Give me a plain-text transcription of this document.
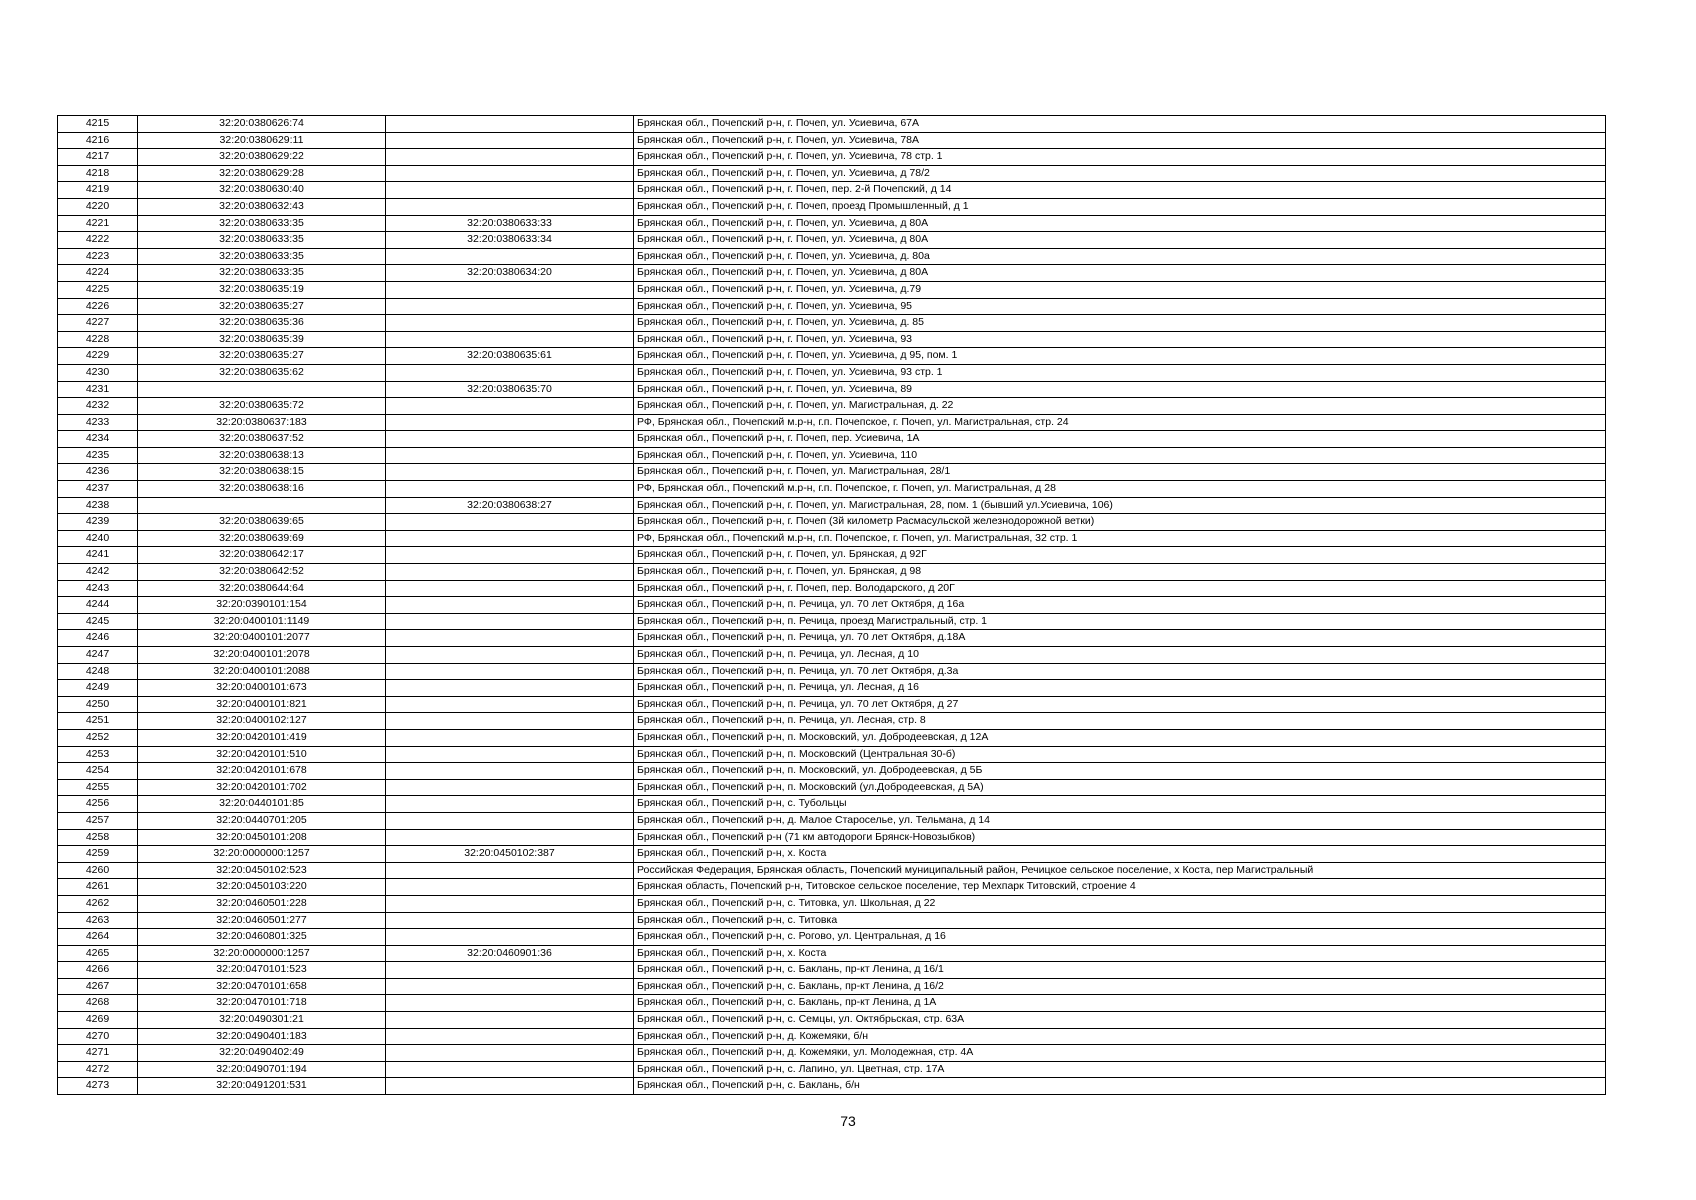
4215	32:20:0380626:74		Брянская обл., Почепский р-н, г. Почеп, ул. Усиевича, 67А
4216	32:20:0380629:11		Брянская обл., Почепский р-н, г. Почеп, ул. Усиевича, 78А
4217	32:20:0380629:22		Брянская обл., Почепский р-н, г. Почеп, ул. Усиевича, 78 стр. 1
4218	32:20:0380629:28		Брянская обл., Почепский р-н, г. Почеп, ул. Усиевича, д 78/2
4219	32:20:0380630:40		Брянская обл., Почепский р-н, г. Почеп, пер. 2-й Почепский, д 14
4220	32:20:0380632:43		Брянская обл., Почепский р-н, г. Почеп, проезд Промышленный, д 1
4221	32:20:0380633:35	32:20:0380633:33	Брянская обл., Почепский р-н, г. Почеп, ул. Усиевича, д 80А
4222	32:20:0380633:35	32:20:0380633:34	Брянская обл., Почепский р-н, г. Почеп, ул. Усиевича, д 80А
4223	32:20:0380633:35		Брянская обл., Почепский р-н, г. Почеп, ул. Усиевича, д. 80а
4224	32:20:0380633:35	32:20:0380634:20	Брянская обл., Почепский р-н, г. Почеп, ул. Усиевича, д 80А
4225	32:20:0380635:19		Брянская обл., Почепский р-н, г. Почеп, ул. Усиевича, д.79
4226	32:20:0380635:27		Брянская обл., Почепский р-н, г. Почеп, ул. Усиевича, 95
4227	32:20:0380635:36		Брянская обл., Почепский р-н, г. Почеп, ул. Усиевича, д. 85
4228	32:20:0380635:39		Брянская обл., Почепский р-н, г. Почеп, ул. Усиевича, 93
4229	32:20:0380635:27	32:20:0380635:61	Брянская обл., Почепский р-н, г. Почеп, ул. Усиевича, д 95, пом. 1
4230	32:20:0380635:62		Брянская обл., Почепский р-н, г. Почеп, ул. Усиевича, 93 стр. 1
4231		32:20:0380635:70	Брянская обл., Почепский р-н, г. Почеп, ул. Усиевича, 89
4232	32:20:0380635:72		Брянская обл., Почепский р-н, г. Почеп, ул. Магистральная, д. 22
4233	32:20:0380637:183		РФ, Брянская обл., Почепский м.р-н, г.п. Почепское, г. Почеп, ул. Магистральная, стр. 24
4234	32:20:0380637:52		Брянская обл., Почепский р-н, г. Почеп, пер. Усиевича, 1А
4235	32:20:0380638:13		Брянская обл., Почепский р-н, г. Почеп, ул. Усиевича, 110
4236	32:20:0380638:15		Брянская обл., Почепский р-н, г. Почеп, ул. Магистральная, 28/1
4237	32:20:0380638:16		РФ, Брянская обл., Почепский м.р-н, г.п. Почепское, г. Почеп, ул. Магистральная, д 28
4238		32:20:0380638:27	Брянская обл., Почепский р-н, г. Почеп, ул. Магистральная, 28, пом. 1 (бывший ул.Усиевича, 106)
4239	32:20:0380639:65		Брянская обл., Почепский р-н, г. Почеп (3й километр Расмасульской железнодорожной ветки)
4240	32:20:0380639:69		РФ, Брянская обл., Почепский м.р-н, г.п. Почепское, г. Почеп, ул. Магистральная, 32 стр. 1
4241	32:20:0380642:17		Брянская обл., Почепский р-н, г. Почеп, ул. Брянская, д 92Г
4242	32:20:0380642:52		Брянская обл., Почепский р-н, г. Почеп, ул. Брянская, д 98
4243	32:20:0380644:64		Брянская обл., Почепский р-н, г. Почеп, пер. Володарского, д 20Г
4244	32:20:0390101:154		Брянская обл., Почепский р-н, п. Речица, ул. 70 лет Октября, д 16а
4245	32:20:0400101:1149		Брянская обл., Почепский р-н, п. Речица, проезд Магистральный, стр. 1
4246	32:20:0400101:2077		Брянская обл., Почепский р-н, п. Речица, ул. 70 лет Октября, д.18А
4247	32:20:0400101:2078		Брянская обл., Почепский р-н, п. Речица, ул. Лесная, д 10
4248	32:20:0400101:2088		Брянская обл., Почепский р-н, п. Речица, ул. 70 лет Октября, д.3а
4249	32:20:0400101:673		Брянская обл., Почепский р-н, п. Речица, ул. Лесная, д 16
4250	32:20:0400101:821		Брянская обл., Почепский р-н, п. Речица, ул. 70 лет Октября, д 27
4251	32:20:0400102:127		Брянская обл., Почепский р-н, п. Речица, ул. Лесная, стр. 8
4252	32:20:0420101:419		Брянская обл., Почепский р-н, п. Московский, ул. Добродеевская, д 12А
4253	32:20:0420101:510		Брянская обл., Почепский р-н, п. Московский (Центральная 30-б)
4254	32:20:0420101:678		Брянская обл., Почепский р-н, п. Московский, ул. Добродеевская, д 5Б
4255	32:20:0420101:702		Брянская обл., Почепский р-н, п. Московский (ул.Добродеевская, д 5А)
4256	32:20:0440101:85		Брянская обл., Почепский р-н, с. Тубольцы
4257	32:20:0440701:205		Брянская обл., Почепский р-н, д. Малое Староселье, ул. Тельмана, д 14
4258	32:20:0450101:208		Брянская обл., Почепский р-н (71 км автодороги Брянск-Новозыбков)
4259	32:20:0000000:1257	32:20:0450102:387	Брянская обл., Почепский р-н, х. Коста
4260	32:20:0450102:523		Российская Федерация, Брянская область, Почепский муниципальный район, Речицкое сельское поселение, х Коста, пер Магистральный
4261	32:20:0450103:220		Брянская область, Почепский р-н, Титовское сельское поселение, тер Мехпарк Титовский, строение 4
4262	32:20:0460501:228		Брянская обл., Почепский р-н, с. Титовка, ул. Школьная, д 22
4263	32:20:0460501:277		Брянская обл., Почепский р-н, с. Титовка
4264	32:20:0460801:325		Брянская обл., Почепский р-н, с. Рогово, ул. Центральная, д 16
4265	32:20:0000000:1257	32:20:0460901:36	Брянская обл., Почепский р-н, х. Коста
4266	32:20:0470101:523		Брянская обл., Почепский р-н, с. Баклань, пр-кт Ленина, д 16/1
4267	32:20:0470101:658		Брянская обл., Почепский р-н, с. Баклань, пр-кт Ленина, д 16/2
4268	32:20:0470101:718		Брянская обл., Почепский р-н, с. Баклань, пр-кт Ленина, д 1А
4269	32:20:0490301:21		Брянская обл., Почепский р-н, с. Семцы, ул. Октябрьская, стр. 63А
4270	32:20:0490401:183		Брянская обл., Почепский р-н, д. Кожемяки, б/н
4271	32:20:0490402:49		Брянская обл., Почепский р-н, д. Кожемяки, ул. Молодежная, стр. 4А
4272	32:20:0490701:194		Брянская обл., Почепский р-н, с. Лапино, ул. Цветная, стр. 17А
4273	32:20:0491201:531		Брянская обл., Почепский р-н, с. Баклань, б/н
73
